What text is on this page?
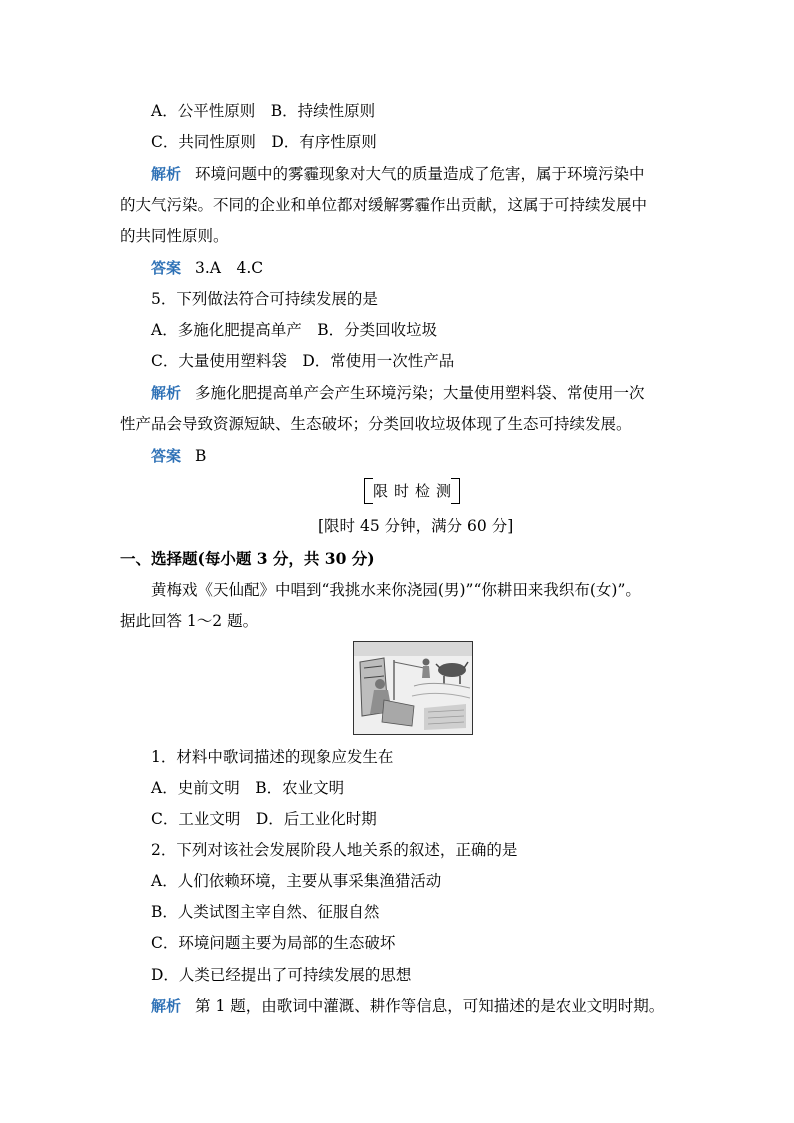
A．公平性原则　B．持续性原则
C．共同性原则　D．有序性原则
解析 环境问题中的雾霾现象对大气的质量造成了危害，属于环境污染中
的大气污染。不同的企业和单位都对缓解雾霾作出贡献，这属于可持续发展中
的共同性原则。
答案 3.A　4.C
5．下列做法符合可持续发展的是
A．多施化肥提高单产　B．分类回收垃圾
C．大量使用塑料袋　D．常使用一次性产品
解析 多施化肥提高单产会产生环境污染；大量使用塑料袋、常使用一次
性产品会导致资源短缺、生态破坏；分类回收垃圾体现了生态可持续发展。
答案 B
限时检测
[限时 45 分钟，满分 60 分]
一、选择题(每小题 3 分，共 30 分)
黄梅戏《天仙配》中唱到“我挑水来你浇园(男)”“你耕田来我织布(女)”。
据此回答 1～2 题。
1．材料中歌词描述的现象应发生在
A．史前文明　B．农业文明
C．工业文明　D．后工业化时期
2．下列对该社会发展阶段人地关系的叙述，正确的是
A．人们依赖环境，主要从事采集渔猎活动
B．人类试图主宰自然、征服自然
C．环境问题主要为局部的生态破坏
D．人类已经提出了可持续发展的思想
解析 第 1 题，由歌词中灌溉、耕作等信息，可知描述的是农业文明时期。
